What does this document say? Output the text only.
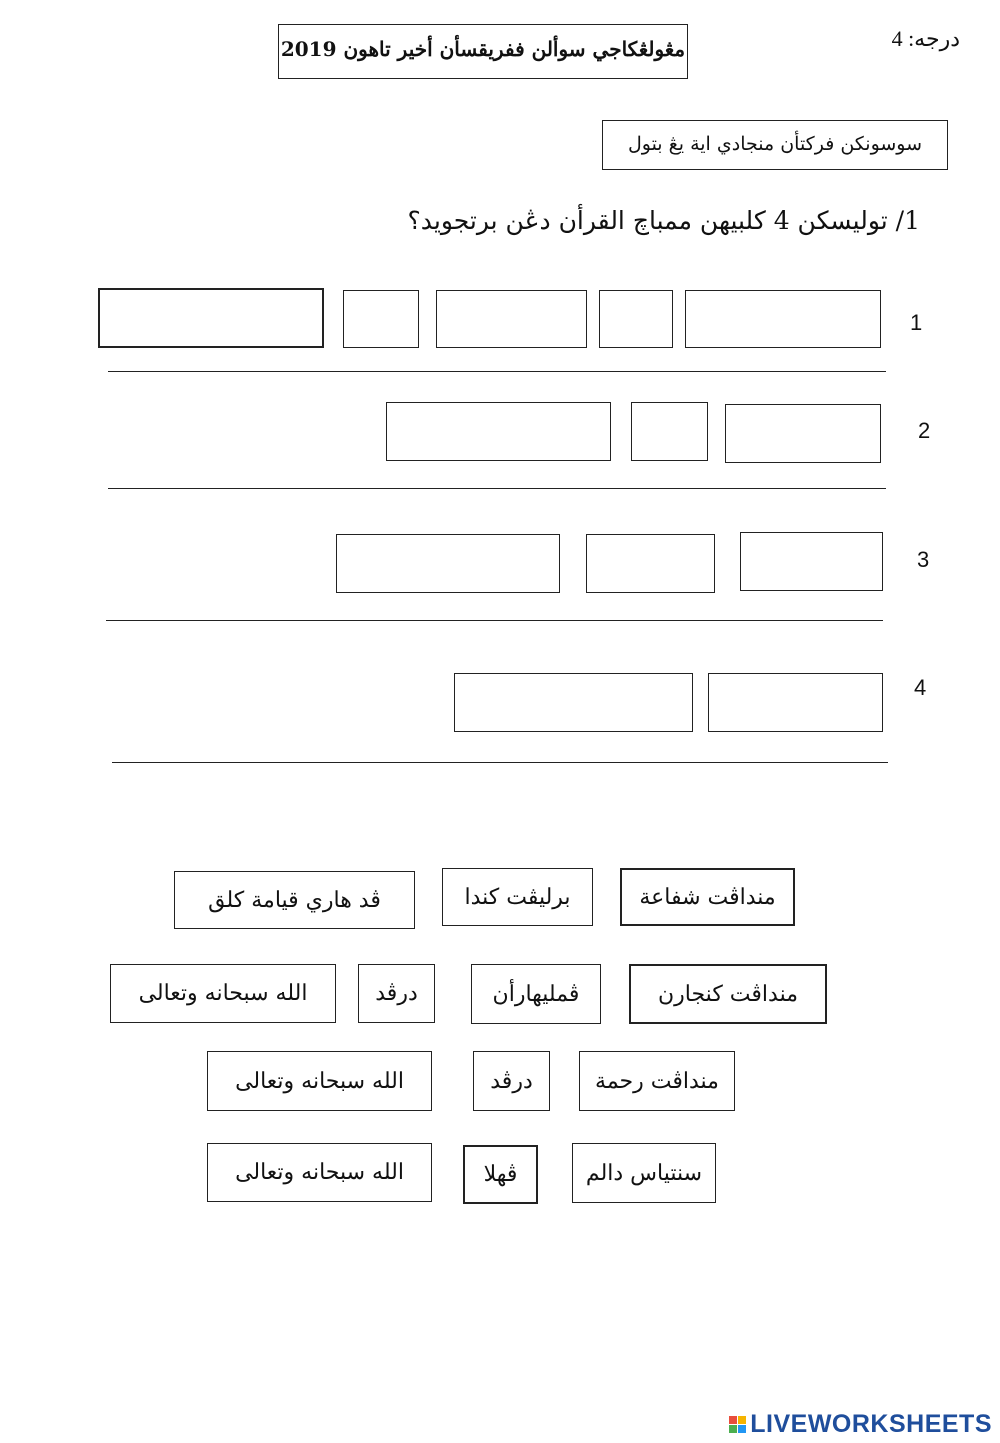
درجه: 4
مڠولڠكاجي سوألن ففريقسأن أخير تاهون 2019
سوسونكن فركتأن منجادي اية يڠ بتول
1/ توليسكن 4 كلبيهن ممباچ القرأن دڠن برتجويد؟
1
2
3
4
منداڤت شفاعة
برليڤت كندا
ڤد هاري قيامة كلق
منداڤت كنجارن
ڤمليهارأن
درڤد
الله سبحانه وتعالى
منداڤت رحمة
درڤد
الله سبحانه وتعالى
سنتياس دالم
ڤهلا
الله سبحانه وتعالى
LIVEWORKSHEETS
